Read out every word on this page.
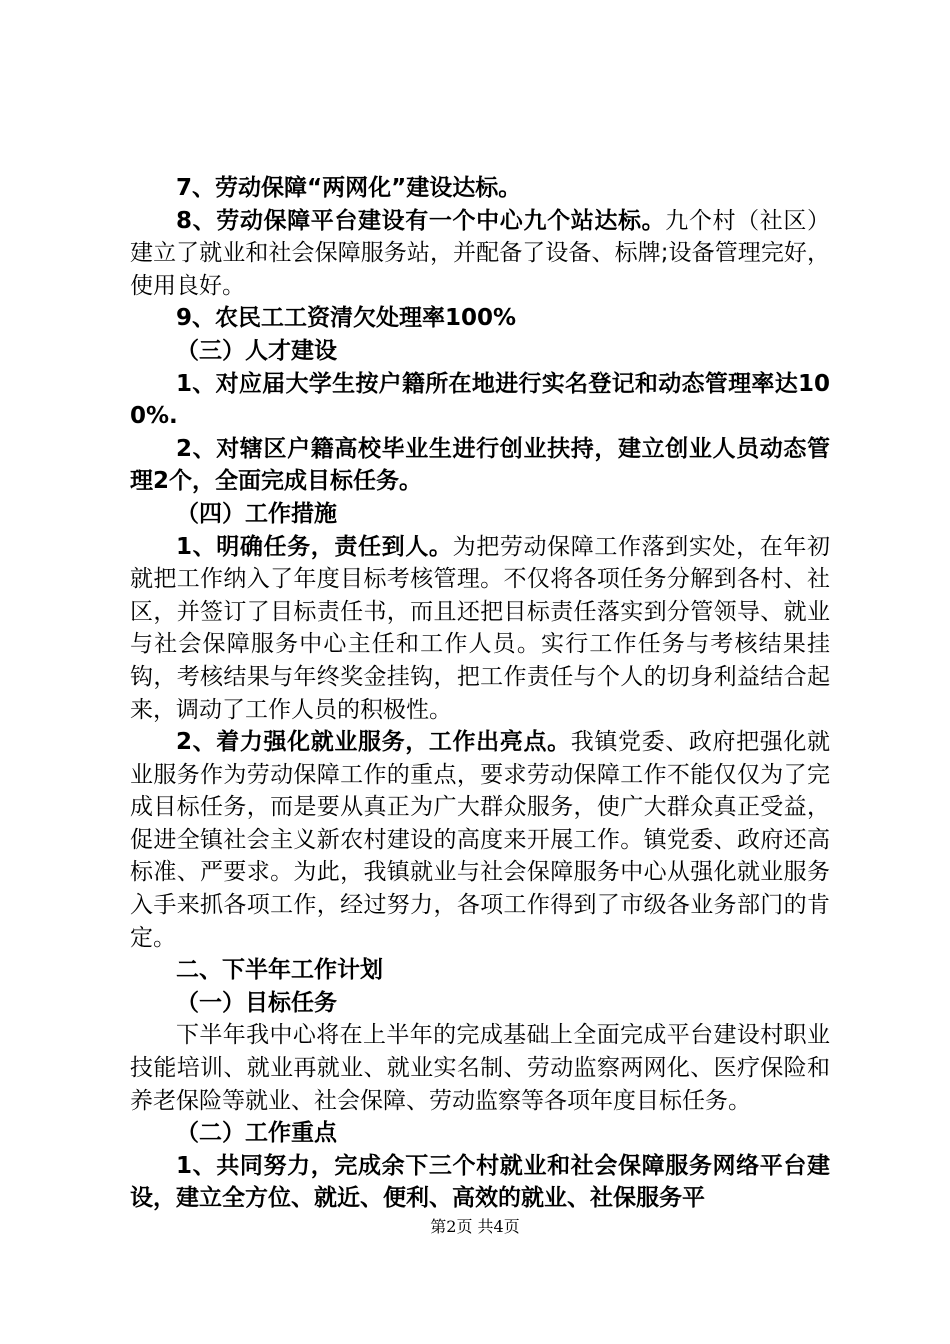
7、劳动保障“两网化”建设达标。

8、劳动保障平台建设有一个中心九个站达标。九个村（社区）建立了就业和社会保障服务站，并配备了设备、标牌;设备管理完好，使用良好。

9、农民工工资清欠处理率100%

（三）人才建设

1、对应届大学生按户籍所在地进行实名登记和动态管理率达100%.

2、对辖区户籍高校毕业生进行创业扶持，建立创业人员动态管理2个，全面完成目标任务。

（四）工作措施

1、明确任务，责任到人。为把劳动保障工作落到实处，在年初就把工作纳入了年度目标考核管理。不仅将各项任务分解到各村、社区，并签订了目标责任书，而且还把目标责任落实到分管领导、就业与社会保障服务中心主任和工作人员。实行工作任务与考核结果挂钩，考核结果与年终奖金挂钩，把工作责任与个人的切身利益结合起来，调动了工作人员的积极性。

2、着力强化就业服务，工作出亮点。我镇党委、政府把强化就业服务作为劳动保障工作的重点，要求劳动保障工作不能仅仅为了完成目标任务，而是要从真正为广大群众服务，使广大群众真正受益，促进全镇社会主义新农村建设的高度来开展工作。镇党委、政府还高标准、严要求。为此，我镇就业与社会保障服务中心从强化就业服务入手来抓各项工作，经过努力，各项工作得到了市级各业务部门的肯定。

二、下半年工作计划

（一）目标任务

下半年我中心将在上半年的完成基础上全面完成平台建设村职业技能培训、就业再就业、就业实名制、劳动监察两网化、医疗保险和养老保险等就业、社会保障、劳动监察等各项年度目标任务。

（二）工作重点

1、共同努力，完成余下三个村就业和社会保障服务网络平台建设，建立全方位、就近、便利、高效的就业、社保服务平

第2页 共4页
